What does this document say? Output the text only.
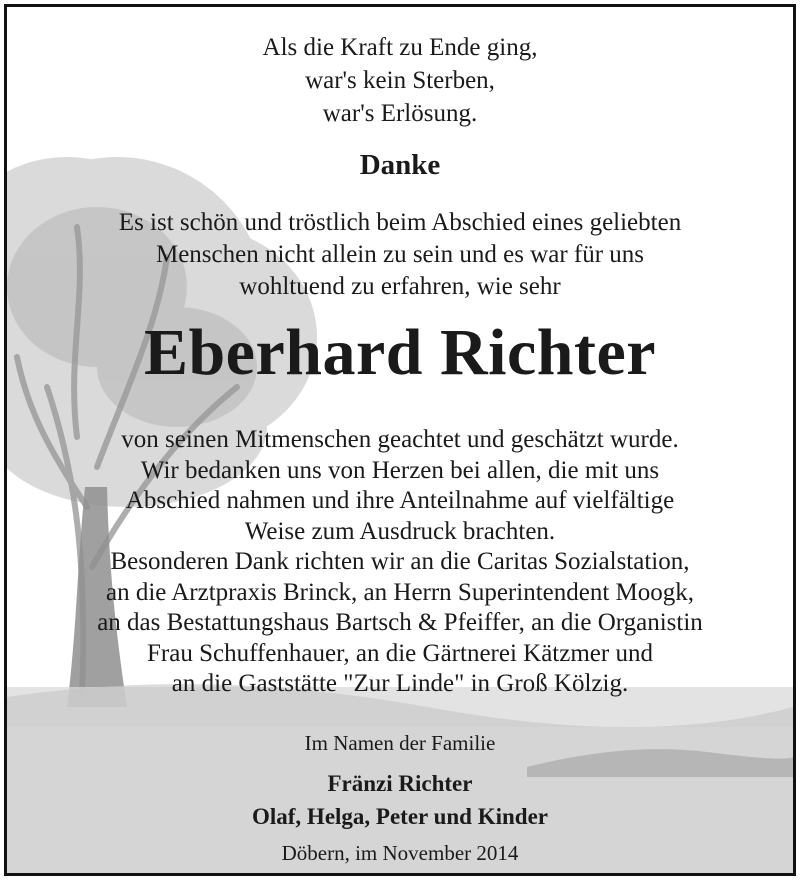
Als die Kraft zu Ende ging,
war's kein Sterben,
war's Erlösung.
Danke
Es ist schön und tröstlich beim Abschied eines geliebten
Menschen nicht allein zu sein und es war für uns
wohltuend zu erfahren, wie sehr
Eberhard Richter
von seinen Mitmenschen geachtet und geschätzt wurde.
Wir bedanken uns von Herzen bei allen, die mit uns
Abschied nahmen und ihre Anteilnahme auf vielfältige
Weise zum Ausdruck brachten.
Besonderen Dank richten wir an die Caritas Sozialstation,
an die Arztpraxis Brinck, an Herrn Superintendent Moogk,
an das Bestattungshaus Bartsch & Pfeiffer, an die Organistin
Frau Schuffenhauer, an die Gärtnerei Kätzmer und
an die Gaststätte "Zur Linde" in Groß Kölzig.
Im Namen der Familie
Fränzi Richter
Olaf, Helga, Peter und Kinder
Döbern, im November 2014
